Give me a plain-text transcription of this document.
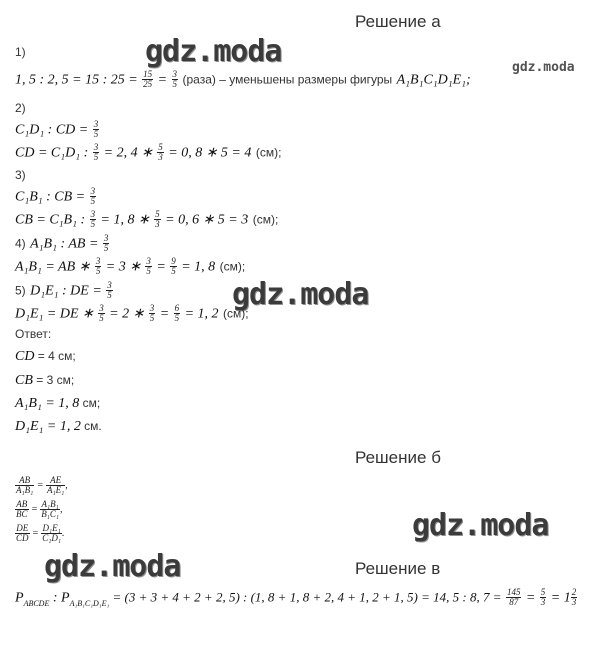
Решение а
Решение б
Решение в
gdz.moda	gdz.moda
gdz.moda
gdz.moda
gdz.moda
1)
1, 5 : 2, 5 = 15 : $25 = \frac{15}{25} = \frac{3}{5}$ (раза) – уменьшены размеры фигуры A₁B₁C₁D₁E₁;
2)
C₁D₁ : CD = $\frac{3}{5}$
CD = C₁D₁ : $\frac{3}{5} = 2$, 4 ∗ $\frac{5}{3} = 0$, 8 ∗ 5 = 4 (см);
3)
C₁B₁ : CB = $\frac{3}{5}$
CB = C₁B₁ : $\frac{3}{5} = 1$, 8 ∗ $\frac{5}{3} = 0$, 6 ∗ 5 = 3 (см);
4) A₁B₁ : AB = $\frac{3}{5}$
A₁B₁ = AB ∗ $\frac{3}{5} = 3$ ∗ $\frac{3}{5} = \frac{9}{5} = 1$, 8 (см);
5) D₁E₁ : DE = $\frac{3}{5}$
D₁E₁ = DE ∗ $\frac{3}{5} = 2$ ∗ $\frac{3}{5} = \frac{6}{5} = 1$, 2 (см);
Ответ:
CD = 4 см;
CB = 3 см;
A₁B₁ = 1, 8 см;
D₁E₁ = 1, 2 см.
$\frac{AB}{\text{A₁B₁}} = \frac{AE}{\text{A₁E₁}}$ ,
$\frac{AB}{BC} = \frac{\text{A₁B₁}}{\text{B₁C₁}}$ ,
$\frac{DE}{CD} = \frac{\text{D₁E₁}}{\text{C₁D₁}}$ .
$P_{ABCDE}$ : $P_{A_1B_1C_1D_1E_1} = (3 + 3 + 4 + 2 + 2$, 5) : (1, 8 + 1, 8 + 2, 4 + 1, 2 + 1, 5) = 14, 5 : 8, $7 = \frac{145}{87} = \frac{5}{3} = 1 \frac{2}{3}$
